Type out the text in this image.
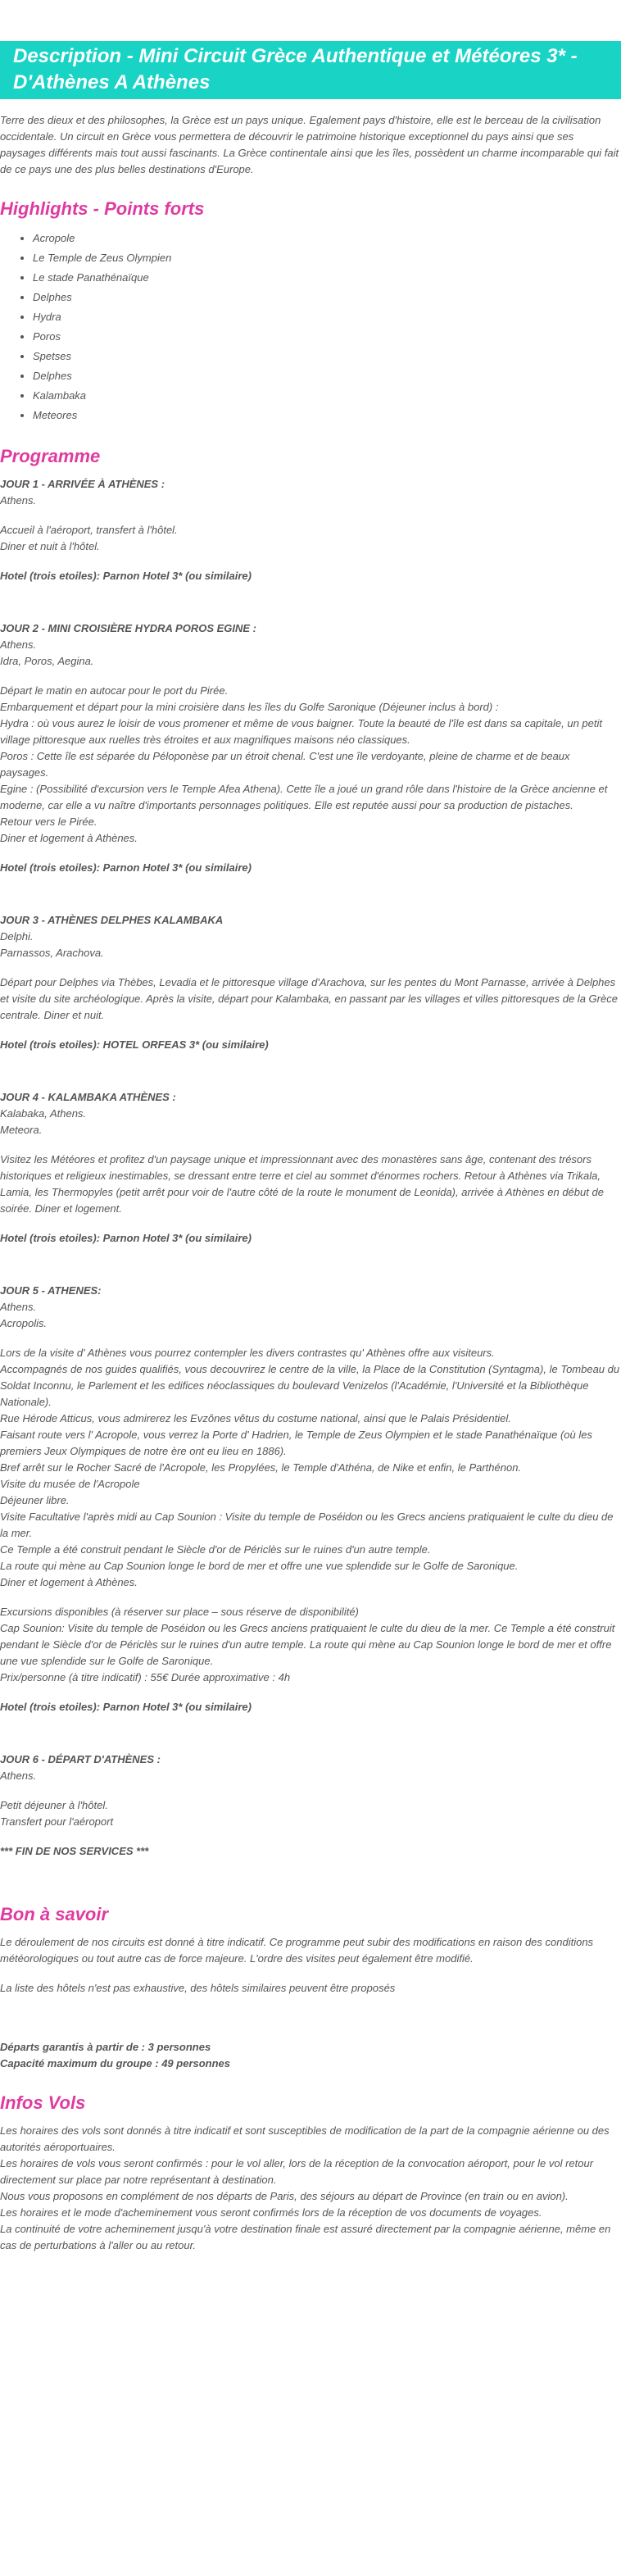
Description - Mini Circuit Grèce Authentique et Météores 3* - D'Athènes A Athènes

Terre des dieux et des philosophes, la Grèce est un pays unique. Egalement pays d'histoire, elle est le berceau de la civilisation occidentale. Un circuit en Grèce vous permettera de découvrir le patrimoine historique exceptionnel du pays ainsi que ses paysages différents mais tout aussi fascinants. La Grèce continentale ainsi que les îles, possèdent un charme incomparable qui fait de ce pays une des plus belles destinations d'Europe.

Highlights - Points forts
• Acropole
• Le Temple de Zeus Olympien
• Le stade Panathénaïque
• Delphes
• Hydra
• Poros
• Spetses
• Delphes
• Kalambaka
• Meteores
Programme

JOUR 1 - ARRIVÉE À ATHÈNES :

Athens.

Accueil à l'aéroport, transfert à l'hôtel.

Diner et nuit à l'hôtel.

Hotel (trois etoiles): Parnon Hotel 3* (ou similaire)

JOUR 2 - MINI CROISIÈRE HYDRA POROS EGINE :

Athens.

Idra, Poros, Aegina.

Départ le matin en autocar pour le port du Pirée.

Embarquement et départ pour la mini croisière dans les îles du Golfe Saronique (Déjeuner inclus à bord) :

Hydra : où vous aurez le loisir de vous promener et même de vous baigner. Toute la beauté de l'île est dans sa capitale, un petit village pittoresque aux ruelles très étroites et aux magnifiques maisons néo classiques.

Poros : Cette île est séparée du Péloponèse par un étroit chenal. C'est une île verdoyante, pleine de charme et de beaux paysages.

Egine : (Possibilité d'excursion vers le Temple Afea Athena). Cette île a joué un grand rôle dans l'histoire de la Grèce ancienne et moderne, car elle a vu naître d'importants personnages politiques. Elle est reputée aussi pour sa production de pistaches.

Retour vers le Pirée.

Diner et logement à Athènes.

Hotel (trois etoiles): Parnon Hotel 3* (ou similaire)

JOUR 3 - ATHÈNES DELPHES KALAMBAKA

Delphi.

Parnassos, Arachova.

Départ pour Delphes via Thèbes, Levadia et le pittoresque village d'Arachova, sur les pentes du Mont Parnasse, arrivée à Delphes et visite du site archéologique. Après la visite, départ pour Kalambaka, en passant par les villages et villes pittoresques de la Grèce centrale. Diner et nuit.

Hotel (trois etoiles): HOTEL ORFEAS 3* (ou similaire)

JOUR 4 - KALAMBAKA ATHÈNES :

Kalabaka, Athens.

Meteora.

Visitez les Météores et profitez d'un paysage unique et impressionnant avec des monastères sans âge, contenant des trésors historiques et religieux inestimables, se dressant entre terre et ciel au sommet d'énormes rochers. Retour à Athènes via Trikala, Lamia, les Thermopyles (petit arrêt pour voir de l'autre côté de la route le monument de Leonida), arrivée à Athènes en début de soirée. Diner et logement.

Hotel (trois etoiles): Parnon Hotel 3* (ou similaire)

JOUR 5 - ATHENES:

Athens.

Acropolis.

Lors de la visite d' Athènes vous pourrez contempler les divers contrastes qu' Athènes offre aux visiteurs.

Accompagnés de nos guides qualifiés, vous decouvrirez le centre de la ville, la Place de la Constitution (Syntagma), le Tombeau du Soldat Inconnu, le Parlement et les edifices néoclassiques du boulevard Venizelos (l'Académie, l'Université et la Bibliothèque Nationale).

Rue Hérode Atticus, vous admirerez les Evzônes vêtus du costume national, ainsi que le Palais Présidentiel.

Faisant route vers l' Acropole, vous verrez la Porte d' Hadrien, le Temple de Zeus Olympien et le stade Panathénaïque (où les premiers Jeux Olympiques de notre ère ont eu lieu en 1886).

Bref arrêt sur le Rocher Sacré de l'Acropole, les Propylées, le Temple d'Athéna, de Nike et enfin, le Parthénon.

Visite du musée de l'Acropole

Déjeuner libre.

Visite Facultative l'après midi au Cap Sounion : Visite du temple de Poséidon ou les Grecs anciens pratiquaient le culte du dieu de la mer.

Ce Temple a été construit pendant le Siècle d'or de Périclès sur le ruines d'un autre temple.

La route qui mène au Cap Sounion longe le bord de mer et offre une vue splendide sur le Golfe de Saronique.

Diner et logement à Athènes.

Excursions disponibles (à réserver sur place – sous réserve de disponibilité)

Cap Sounion: Visite du temple de Poséidon ou les Grecs anciens pratiquaient le culte du dieu de la mer. Ce Temple a été construit pendant le Siècle d'or de Périclès sur le ruines d'un autre temple. La route qui mène au Cap Sounion longe le bord de mer et offre une vue splendide sur le Golfe de Saronique.

Prix/personne (à titre indicatif) : 55€ Durée approximative : 4h

Hotel (trois etoiles): Parnon Hotel 3* (ou similaire)

JOUR 6 - DÉPART D'ATHÈNES :

Athens.

Petit déjeuner à l'hôtel.

Transfert pour l'aéroport

*** FIN DE NOS SERVICES ***

Bon à savoir

Le déroulement de nos circuits est donné à titre indicatif. Ce programme peut subir des modifications en raison des conditions météorologiques ou tout autre cas de force majeure. L'ordre des visites peut également être modifié.

La liste des hôtels n'est pas exhaustive, des hôtels similaires peuvent être proposés

Départs garantis à partir de : 3 personnes

Capacité maximum du groupe : 49 personnes

Infos Vols

Les horaires des vols sont donnés à titre indicatif et sont susceptibles de modification de la part de la compagnie aérienne ou des autorités aéroportuaires.

Les horaires de vols vous seront confirmés : pour le vol aller, lors de la réception de la convocation aéroport, pour le vol retour directement sur place par notre représentant à destination.

Nous vous proposons en complément de nos départs de Paris, des séjours au départ de Province (en train ou en avion).

Les horaires et le mode d'acheminement vous seront confirmés lors de la réception de vos documents de voyages.

La continuité de votre acheminement jusqu'à votre destination finale est assuré directement par la compagnie aérienne, même en cas de perturbations à l'aller ou au retour.
